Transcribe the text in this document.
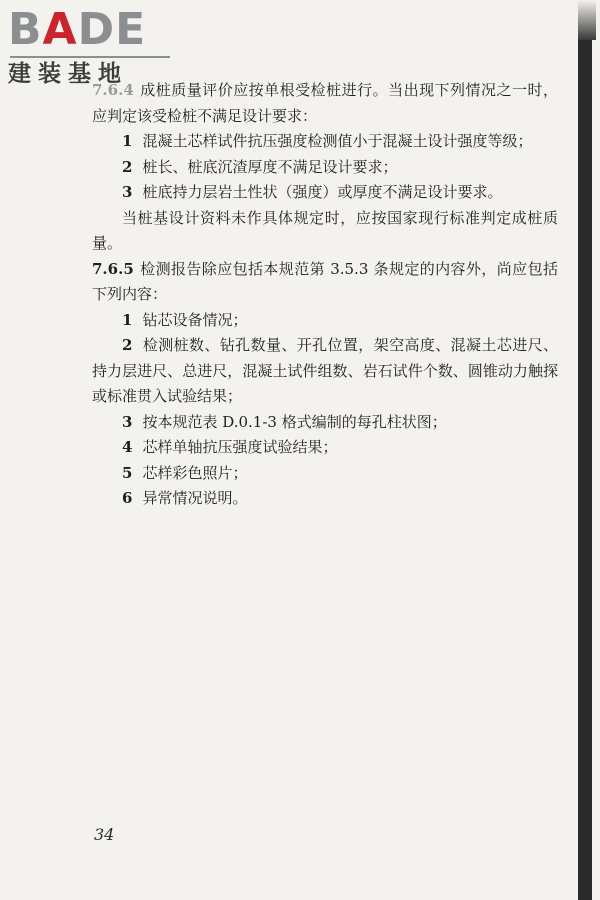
BADE
建装基地

7.6.4 成桩质量评价应按单根受检桩进行。当出现下列情况之一时，应判定该受检桩不满足设计要求：

1 混凝土芯样试件抗压强度检测值小于混凝土设计强度等级；

2 桩长、桩底沉渣厚度不满足设计要求；

3 桩底持力层岩土性状（强度）或厚度不满足设计要求。

当桩基设计资料未作具体规定时，应按国家现行标准判定成桩质量。

7.6.5 检测报告除应包括本规范第 3.5.3 条规定的内容外，尚应包括下列内容：

1 钻芯设备情况；

2 检测桩数、钻孔数量、开孔位置，架空高度、混凝土芯进尺、持力层进尺、总进尺，混凝土试件组数、岩石试件个数、圆锥动力触探或标准贯入试验结果；

3 按本规范表 D.0.1-3 格式编制的每孔柱状图；

4 芯样单轴抗压强度试验结果；

5 芯样彩色照片；

6 异常情况说明。

34
